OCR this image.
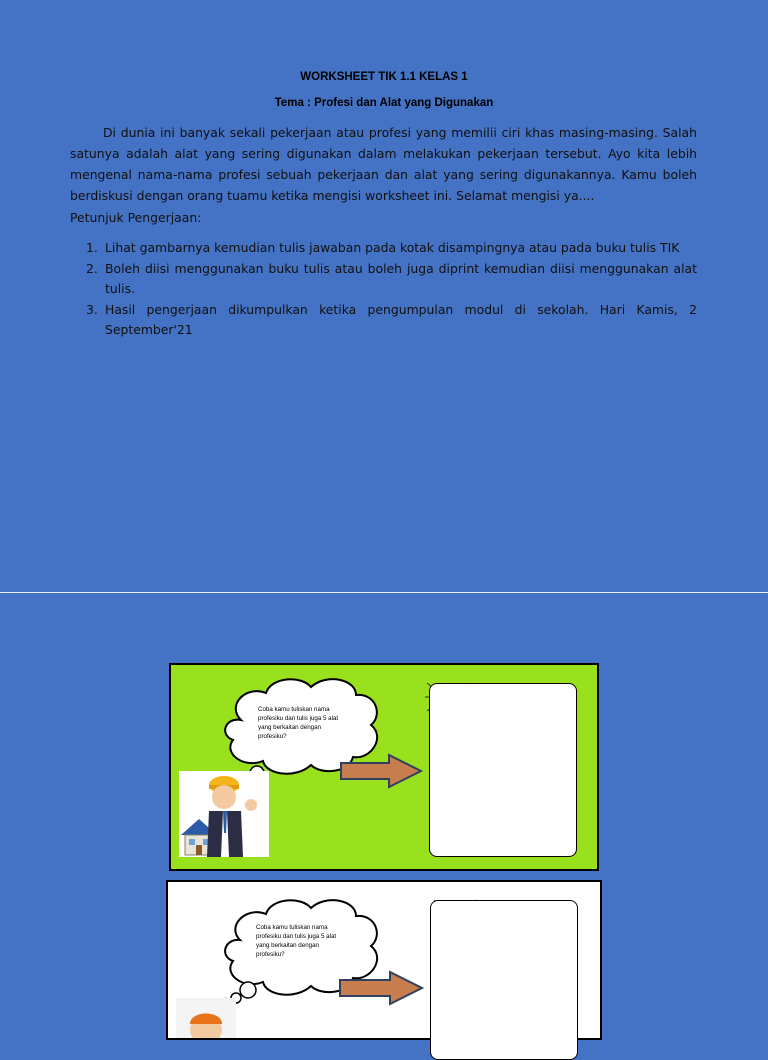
WORKSHEET TIK 1.1 KELAS 1
Tema : Profesi dan Alat yang Digunakan
Di dunia ini banyak sekali pekerjaan atau profesi yang memilii ciri khas masing-masing. Salah satunya adalah alat yang sering digunakan dalam melakukan pekerjaan tersebut. Ayo kita lebih mengenal nama-nama profesi sebuah pekerjaan dan alat yang sering digunakannya. Kamu boleh berdiskusi dengan orang tuamu ketika mengisi worksheet ini. Selamat mengisi ya....
Petunjuk Pengerjaan:
1. Lihat gambarnya kemudian tulis jawaban pada kotak disampingnya atau pada buku tulis TIK
2. Boleh diisi menggunakan buku tulis atau boleh juga diprint kemudian diisi menggunakan alat tulis.
3. Hasil pengerjaan dikumpulkan ketika pengumpulan modul di sekolah. Hari Kamis, 2 September'21
Coba kamu tuliskan nama profesiku dan tulis juga 5 alat yang berkaitan dengan profesiku?
Coba kamu tuliskan nama profesiku dan tulis juga 5 alat yang berkaitan dengan profesiku?
